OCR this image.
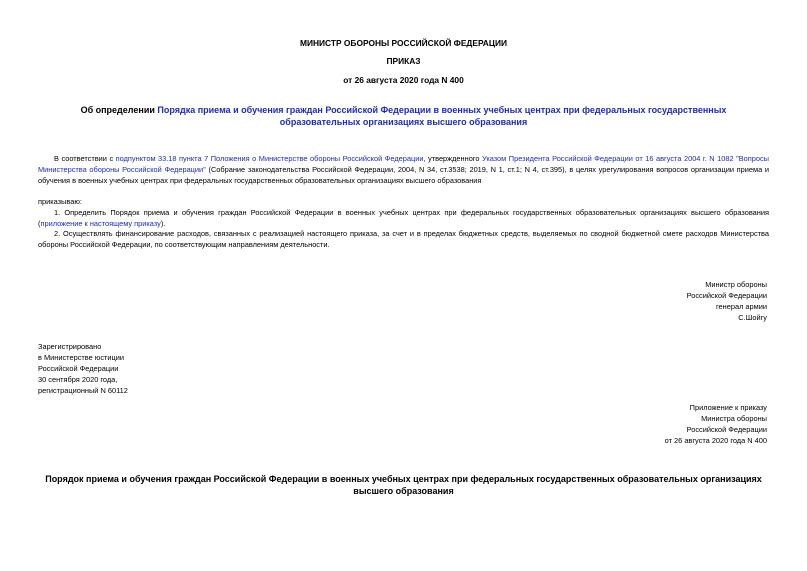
МИНИСТР ОБОРОНЫ РОССИЙСКОЙ ФЕДЕРАЦИИ
ПРИКАЗ
от 26 августа 2020 года N 400
Об определении Порядка приема и обучения граждан Российской Федерации в военных учебных центрах при федеральных государственных образовательных организациях высшего образования
В соответствии с подпунктом 33.18 пункта 7 Положения о Министерстве обороны Российской Федерации, утвержденного Указом Президента Российской Федерации от 16 августа 2004 г. N 1082 "Вопросы Министерства обороны Российской Федерации" (Собрание законодательства Российской Федерации, 2004, N 34, ст.3538; 2019, N 1, ст.1; N 4, ст.395), в целях урегулирования вопросов организации приема и обучения в военных учебных центрах при федеральных государственных образовательных организациях высшего образования
приказываю:
1. Определить Порядок приема и обучения граждан Российской Федерации в военных учебных центрах при федеральных государственных образовательных организациях высшего образования (приложение к настоящему приказу).
2. Осуществлять финансирование расходов, связанных с реализацией настоящего приказа, за счет и в пределах бюджетных средств, выделяемых по сводной бюджетной смете расходов Министерства обороны Российской Федерации, по соответствующим направлениям деятельности.
Министр обороны
Российской Федерации
генерал армии
С.Шойгу
Зарегистрировано
в Министерстве юстиции
Российской Федерации
30 сентября 2020 года,
регистрационный N 60112
Приложение к приказу
Министра обороны
Российской Федерации
от 26 августа 2020 года N 400
Порядок приема и обучения граждан Российской Федерации в военных учебных центрах при федеральных государственных образовательных организациях высшего образования
